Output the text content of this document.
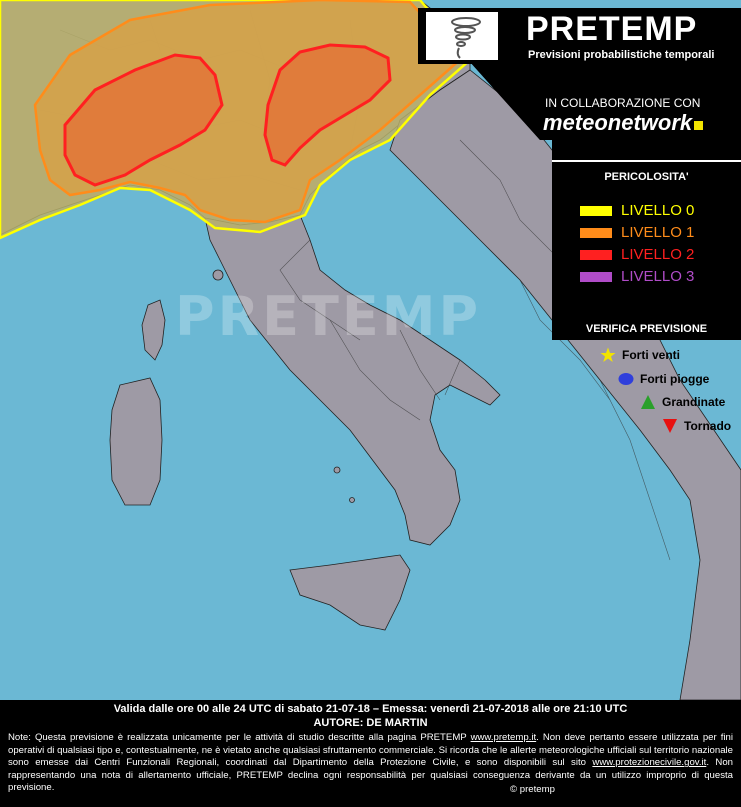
PRETEMP
PRETEMP
Previsioni probabilistiche temporali
IN COLLABORAZIONE CON
meteonetwork
PERICOLOSITA'
LIVELLO 0
LIVELLO 1
LIVELLO 2
LIVELLO 3
VERIFICA PREVISIONE
Forti venti
Forti piogge
Grandinate
Tornado
Valida dalle ore 00 alle 24 UTC di sabato 21-07-18 – Emessa: venerdì 21-07-2018 alle ore 21:10 UTC
AUTORE: DE MARTIN
Note: Questa previsione è realizzata unicamente per le attività di studio descritte alla pagina PRETEMP www.pretemp.it. Non deve pertanto essere utilizzata per fini operativi di qualsiasi tipo e, contestualmente, ne è vietato anche qualsiasi sfruttamento commerciale. Si ricorda che le allerte meteorologiche ufficiali sul territorio nazionale sono emesse dai Centri Funzionali Regionali, coordinati dal Dipartimento della Protezione Civile, e sono disponibili sul sito www.protezionecivile.gov.it. Non rappresentando una nota di allertamento ufficiale, PRETEMP declina ogni responsabilità per qualsiasi conseguenza derivante da un utilizzo improprio di questa previsione.	© pretemp
